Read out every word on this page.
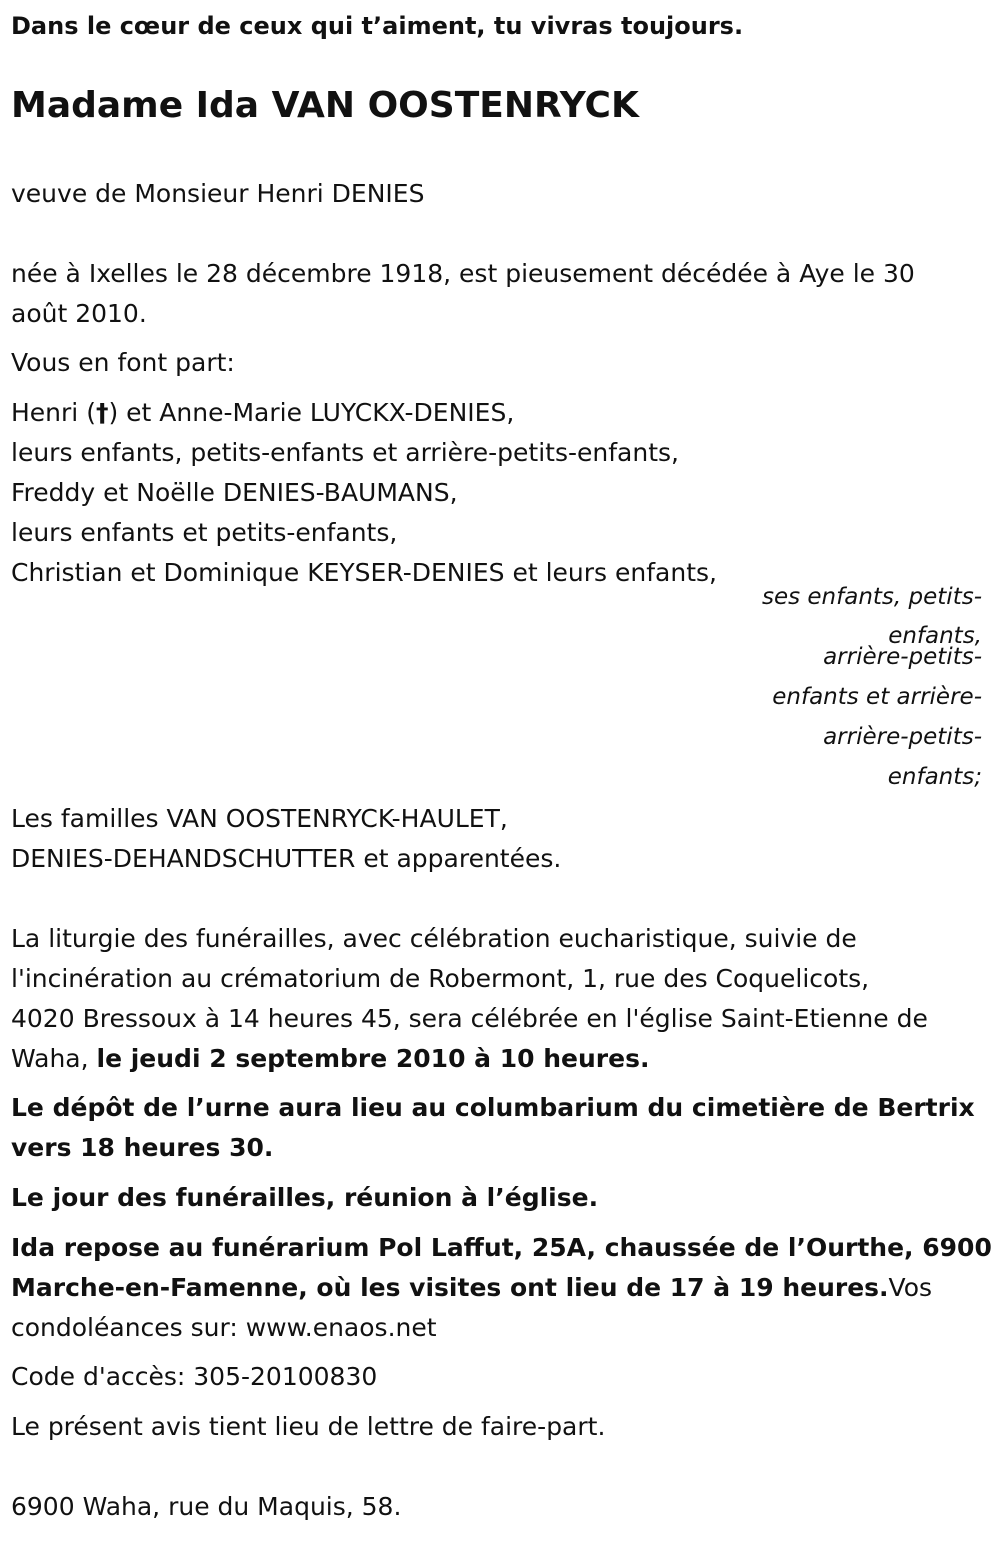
Dans le cœur de ceux qui t’aiment, tu vivras toujours.
Madame Ida VAN OOSTENRYCK
veuve de Monsieur Henri DENIES
née à Ixelles le 28 décembre 1918, est pieusement décédée à Aye le 30
août 2010.
Vous en font part:
Henri (†) et Anne-Marie LUYCKX-DENIES,
leurs enfants, petits-enfants et arrière-petits-enfants,
Freddy et Noëlle DENIES-BAUMANS,
leurs enfants et petits-enfants,
Christian et Dominique KEYSER-DENIES et leurs enfants,
ses enfants, petits-
enfants,
arrière-petits-
enfants et arrière-
arrière-petits-
enfants;
Les familles VAN OOSTENRYCK-HAULET,
DENIES-DEHANDSCHUTTER et apparentées.
La liturgie des funérailles, avec célébration eucharistique, suivie de
l'incinération au crématorium de Robermont, 1, rue des Coquelicots,
4020 Bressoux à 14 heures 45, sera célébrée en l'église Saint-Etienne de
Waha, le jeudi 2 septembre 2010 à 10 heures.
Le dépôt de l’urne aura lieu au columbarium du cimetière de Bertrix
vers 18 heures 30.
Le jour des funérailles, réunion à l’église.
Ida repose au funérarium Pol Laffut, 25A, chaussée de l’Ourthe, 6900
Marche-en-Famenne, où les visites ont lieu de 17 à 19 heures.Vos
condoléances sur: www.enaos.net
Code d'accès: 305-20100830
Le présent avis tient lieu de lettre de faire-part.
6900 Waha, rue du Maquis, 58.
